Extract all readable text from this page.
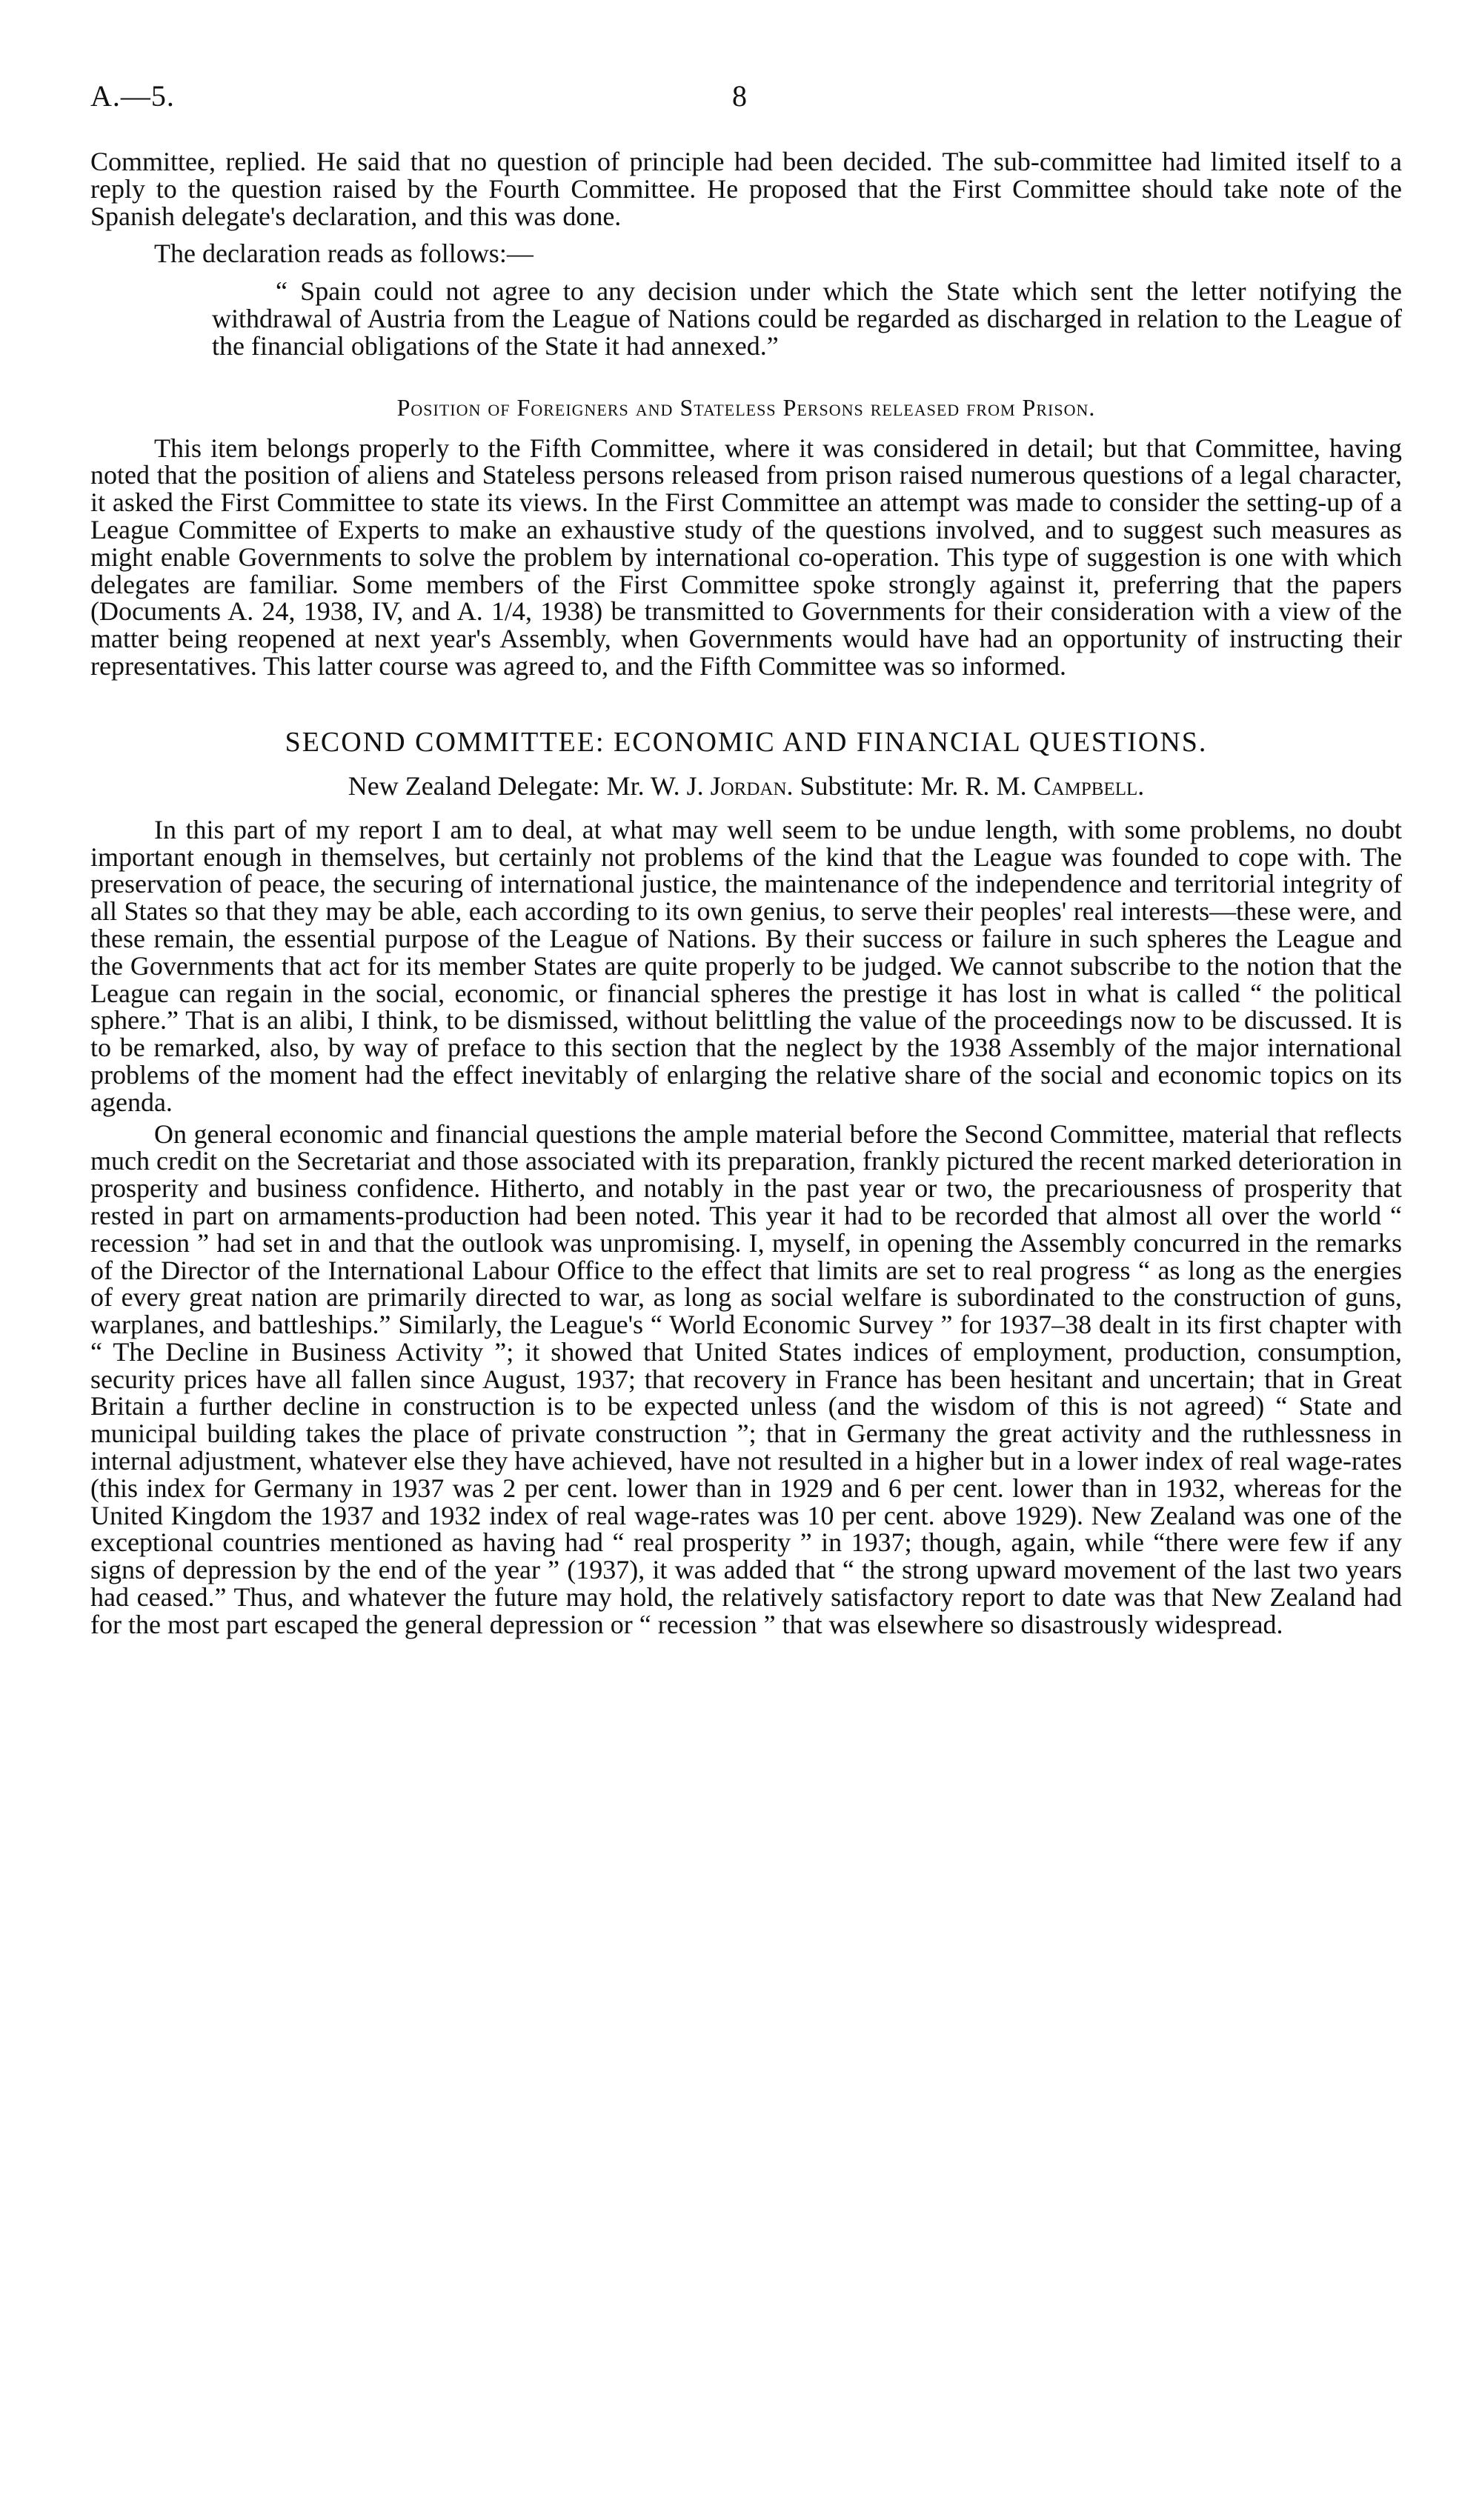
A.—5.	8

Committee, replied. He said that no question of principle had been decided. The sub-committee had limited itself to a reply to the question raised by the Fourth Committee. He proposed that the First Committee should take note of the Spanish delegate's declaration, and this was done.

The declaration reads as follows:—

“ Spain could not agree to any decision under which the State which sent the letter notifying the withdrawal of Austria from the League of Nations could be regarded as discharged in relation to the League of the financial obligations of the State it had annexed.”

Position of Foreigners and Stateless Persons released from Prison.

This item belongs properly to the Fifth Committee, where it was considered in detail; but that Committee, having noted that the position of aliens and Stateless persons released from prison raised numerous questions of a legal character, it asked the First Committee to state its views. In the First Committee an attempt was made to consider the setting-up of a League Committee of Experts to make an exhaustive study of the questions involved, and to suggest such measures as might enable Governments to solve the problem by international co-operation. This type of suggestion is one with which delegates are familiar. Some members of the First Committee spoke strongly against it, preferring that the papers (Documents A. 24, 1938, IV, and A. 1/4, 1938) be transmitted to Governments for their consideration with a view of the matter being reopened at next year's Assembly, when Governments would have had an opportunity of instructing their representatives. This latter course was agreed to, and the Fifth Committee was so informed.

SECOND COMMITTEE: ECONOMIC AND FINANCIAL QUESTIONS.
New Zealand Delegate: Mr. W. J. Jordan. Substitute: Mr. R. M. Campbell.

In this part of my report I am to deal, at what may well seem to be undue length, with some problems, no doubt important enough in themselves, but certainly not problems of the kind that the League was founded to cope with. The preservation of peace, the securing of international justice, the maintenance of the independence and territorial integrity of all States so that they may be able, each according to its own genius, to serve their peoples' real interests—these were, and these remain, the essential purpose of the League of Nations. By their success or failure in such spheres the League and the Governments that act for its member States are quite properly to be judged. We cannot subscribe to the notion that the League can regain in the social, economic, or financial spheres the prestige it has lost in what is called “ the political sphere.” That is an alibi, I think, to be dismissed, without belittling the value of the proceedings now to be discussed. It is to be remarked, also, by way of preface to this section that the neglect by the 1938 Assembly of the major international problems of the moment had the effect inevitably of enlarging the relative share of the social and economic topics on its agenda.

On general economic and financial questions the ample material before the Second Committee, material that reflects much credit on the Secretariat and those associated with its preparation, frankly pictured the recent marked deterioration in prosperity and business confidence. Hitherto, and notably in the past year or two, the precariousness of prosperity that rested in part on armaments-production had been noted. This year it had to be recorded that almost all over the world “ recession ” had set in and that the outlook was unpromising. I, myself, in opening the Assembly concurred in the remarks of the Director of the International Labour Office to the effect that limits are set to real progress “ as long as the energies of every great nation are primarily directed to war, as long as social welfare is subordinated to the construction of guns, warplanes, and battleships.” Similarly, the League's “ World Economic Survey ” for 1937–38 dealt in its first chapter with “ The Decline in Business Activity ”; it showed that United States indices of employment, production, consumption, security prices have all fallen since August, 1937; that recovery in France has been hesitant and uncertain; that in Great Britain a further decline in construction is to be expected unless (and the wisdom of this is not agreed) “ State and municipal building takes the place of private construction ”; that in Germany the great activity and the ruthlessness in internal adjustment, whatever else they have achieved, have not resulted in a higher but in a lower index of real wage-rates (this index for Germany in 1937 was 2 per cent. lower than in 1929 and 6 per cent. lower than in 1932, whereas for the United Kingdom the 1937 and 1932 index of real wage-rates was 10 per cent. above 1929). New Zealand was one of the exceptional countries mentioned as having had “ real prosperity ” in 1937; though, again, while “there were few if any signs of depression by the end of the year ” (1937), it was added that “ the strong upward movement of the last two years had ceased.” Thus, and whatever the future may hold, the relatively satisfactory report to date was that New Zealand had for the most part escaped the general depression or “ recession ” that was elsewhere so disastrously widespread.
